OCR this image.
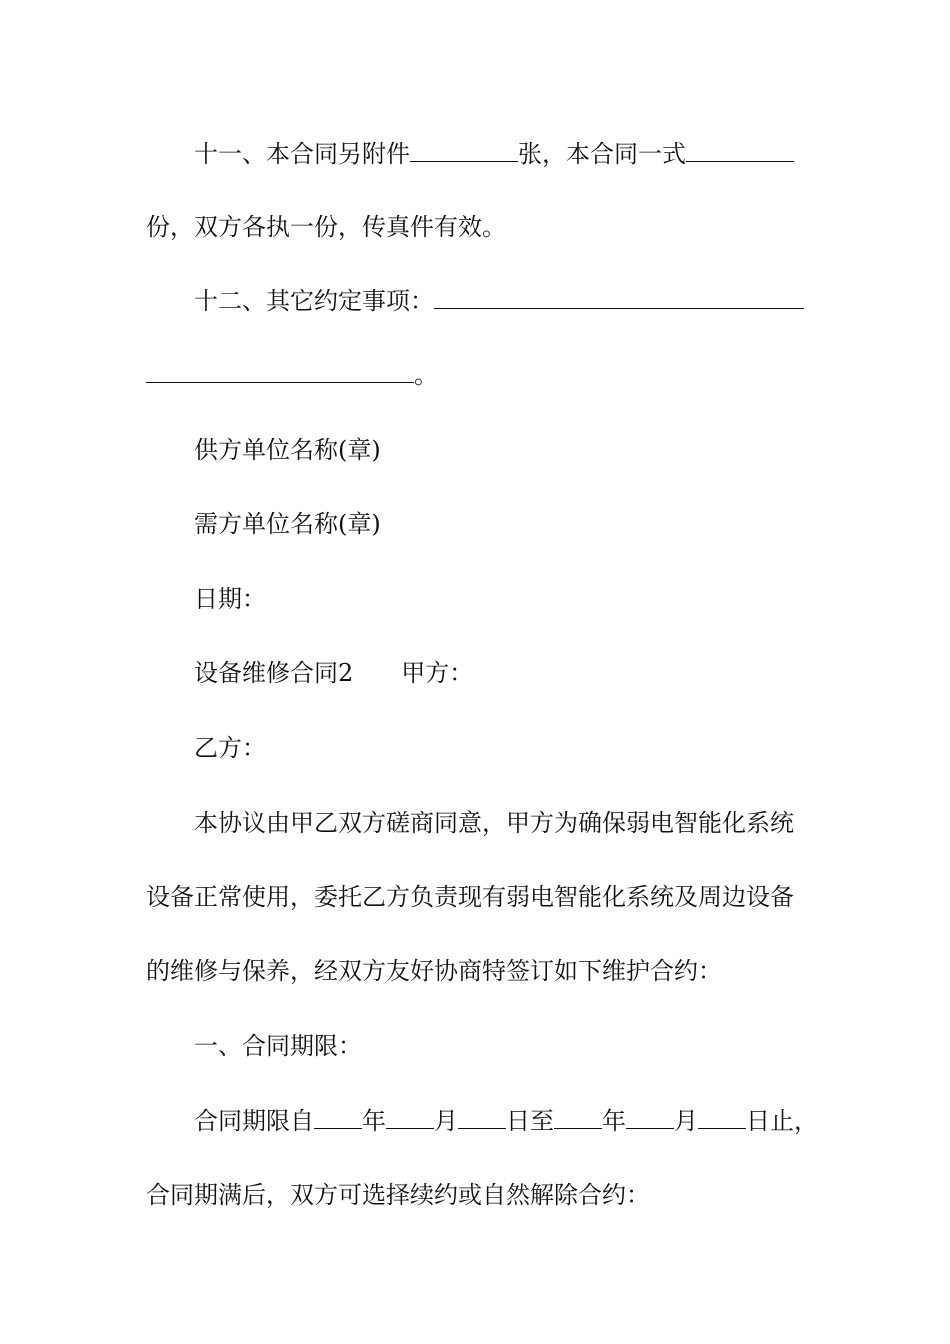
十一、本合同另附件	张，本合同一式
份，双方各执一份，传真件有效。
十二、其它约定事项：
。
供方单位名称(章)
需方单位名称(章)
日期：
设备维修合同2 甲方：
乙方：
本协议由甲乙双方磋商同意，甲方为确保弱电智能化系统
设备正常使用，委托乙方负责现有弱电智能化系统及周边设备
的维修与保养，经双方友好协商特签订如下维护合约：
一、合同期限：
合同期限自 年 月 日至 年 月 日止，
合同期满后，双方可选择续约或自然解除合约：
